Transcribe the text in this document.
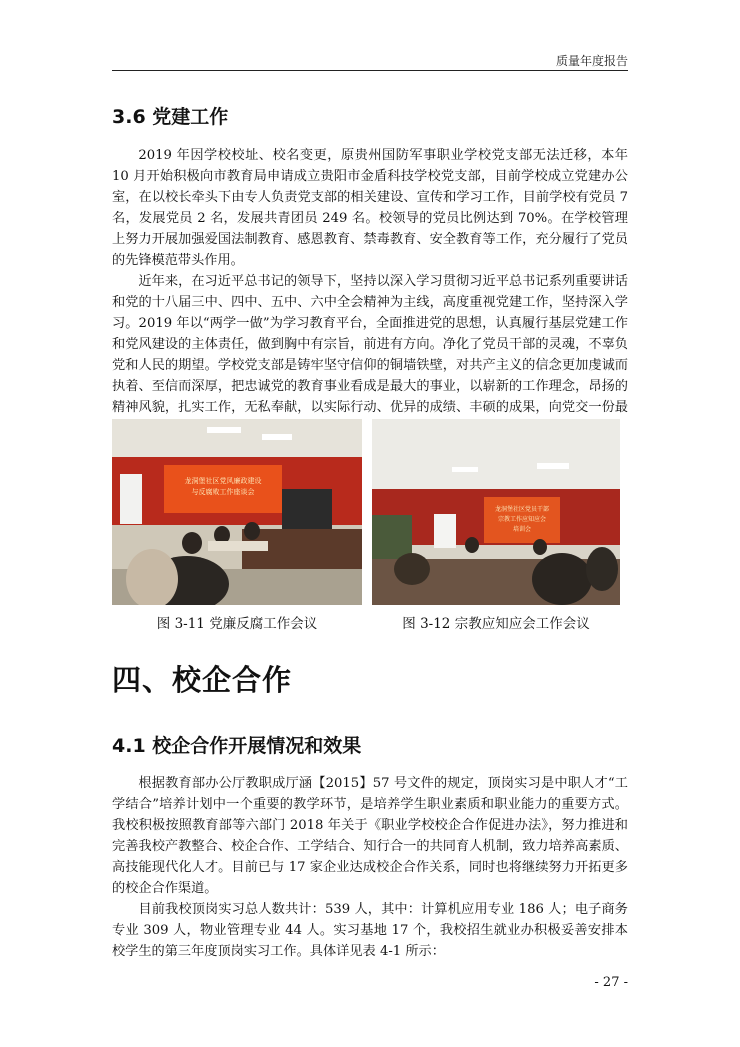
质量年度报告
3.6 党建工作

2019 年因学校校址、校名变更，原贵州国防军事职业学校党支部无法迁移，本年 10 月开始积极向市教育局申请成立贵阳市金盾科技学校党支部，目前学校成立党建办公室，在以校长牵头下由专人负责党支部的相关建设、宣传和学习工作，目前学校有党员 7 名，发展党员 2 名，发展共青团员 249 名。校领导的党员比例达到 70%。在学校管理上努力开展加强爱国法制教育、感恩教育、禁毒教育、安全教育等工作，充分履行了党员的先锋模范带头作用。

近年来，在习近平总书记的领导下，坚持以深入学习贯彻习近平总书记系列重要讲话和党的十八届三中、四中、五中、六中全会精神为主线，高度重视党建工作，坚持深入学习。2019 年以“两学一做”为学习教育平台，全面推进党的思想，认真履行基层党建工作和党风建设的主体责任，做到胸中有宗旨，前进有方向。净化了党员干部的灵魂，不辜负党和人民的期望。学校党支部是铸牢坚守信仰的铜墙铁壁，对共产主义的信念更加虔诚而执着、至信而深厚，把忠诚党的教育事业看成是最大的事业，以崭新的工作理念，昂扬的精神风貌，扎实工作，无私奉献，以实际行动、优异的成绩、丰硕的成果，向党交一份最

龙洞堡社区党风廉政建设
与反腐败工作座谈会
龙洞堡社区党员干部
宗教工作应知应会
培训会
图 3-11 党廉反腐工作会议	图 3-12 宗教应知应会工作会议
四、校企合作
4.1 校企合作开展情况和效果

根据教育部办公厅教职成厅涵【2015】57 号文件的规定，顶岗实习是中职人才“工学结合”培养计划中一个重要的教学环节，是培养学生职业素质和职业能力的重要方式。我校积极按照教育部等六部门 2018 年关于《职业学校校企合作促进办法》，努力推进和完善我校产教整合、校企合作、工学结合、知行合一的共同育人机制，致力培养高素质、高技能现代化人才。目前已与 17 家企业达成校企合作关系，同时也将继续努力开拓更多的校企合作渠道。

目前我校顶岗实习总人数共计：539 人，其中：计算机应用专业 186 人；电子商务专业 309 人，物业管理专业 44 人。实习基地 17 个，我校招生就业办积极妥善安排本校学生的第三年度顶岗实习工作。具体详见表 4-1 所示：

- 27 -
